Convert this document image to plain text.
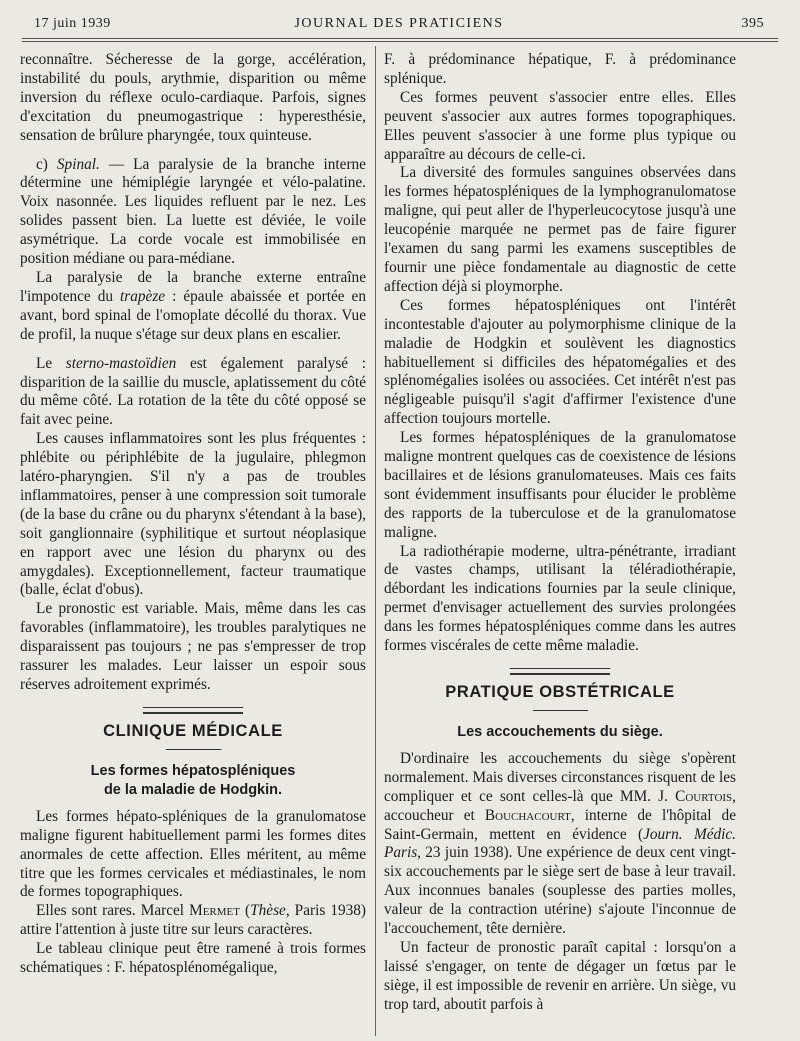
17 juin 1939	JOURNAL DES PRATICIENS	395

reconnaître. Sécheresse de la gorge, accélération, instabilité du pouls, arythmie, disparition ou même inversion du réflexe oculo-cardiaque. Parfois, signes d'excitation du pneumogastrique : hyperesthésie, sensation de brûlure pharyngée, toux quinteuse.

c) Spinal. — La paralysie de la branche interne détermine une hémiplégie laryngée et vélo-palatine. Voix nasonnée. Les liquides refluent par le nez. Les solides passent bien. La luette est déviée, le voile asymétrique. La corde vocale est immobilisée en position médiane ou para-médiane.

La paralysie de la branche externe entraîne l'impotence du trapèze : épaule abaissée et portée en avant, bord spinal de l'omoplate décollé du thorax. Vue de profil, la nuque s'étage sur deux plans en escalier.

Le sterno-mastoïdien est également paralysé : disparition de la saillie du muscle, aplatissement du côté du même côté. La rotation de la tête du côté opposé se fait avec peine.

Les causes inflammatoires sont les plus fréquentes : phlébite ou périphlébite de la jugulaire, phlegmon latéro-pharyngien. S'il n'y a pas de troubles inflammatoires, penser à une compression soit tumorale (de la base du crâne ou du pharynx s'étendant à la base), soit ganglionnaire (syphilitique et surtout néoplasique en rapport avec une lésion du pharynx ou des amygdales). Exceptionnellement, facteur traumatique (balle, éclat d'obus).

Le pronostic est variable. Mais, même dans les cas favorables (inflammatoire), les troubles paralytiques ne disparaissent pas toujours ; ne pas s'empresser de trop rassurer les malades. Leur laisser un espoir sous réserves adroitement exprimés.

CLINIQUE MÉDICALE
Les formes hépatospléniques
de la maladie de Hodgkin.

Les formes hépato-spléniques de la granulomatose maligne figurent habituellement parmi les formes dites anormales de cette affection. Elles méritent, au même titre que les formes cervicales et médiastinales, le nom de formes topographiques.

Elles sont rares. Marcel Mermet (Thèse, Paris 1938) attire l'attention à juste titre sur leurs caractères.

Le tableau clinique peut être ramené à trois formes schématiques : F. hépatosplénomégalique,

F. à prédominance hépatique, F. à prédominance splénique.

Ces formes peuvent s'associer entre elles. Elles peuvent s'associer aux autres formes topographiques. Elles peuvent s'associer à une forme plus typique ou apparaître au décours de celle-ci.

La diversité des formules sanguines observées dans les formes hépatospléniques de la lymphogranulomatose maligne, qui peut aller de l'hyperleucocytose jusqu'à une leucopénie marquée ne permet pas de faire figurer l'examen du sang parmi les examens susceptibles de fournir une pièce fondamentale au diagnostic de cette affection déjà si ploymorphe.

Ces formes hépatospléniques ont l'intérêt incontestable d'ajouter au polymorphisme clinique de la maladie de Hodgkin et soulèvent les diagnostics habituellement si difficiles des hépatomégalies et des splénomégalies isolées ou associées. Cet intérêt n'est pas négligeable puisqu'il s'agit d'affirmer l'existence d'une affection toujours mortelle.

Les formes hépatospléniques de la granulomatose maligne montrent quelques cas de coexistence de lésions bacillaires et de lésions granulomateuses. Mais ces faits sont évidemment insuffisants pour élucider le problème des rapports de la tuberculose et de la granulomatose maligne.

La radiothérapie moderne, ultra-pénétrante, irradiant de vastes champs, utilisant la téléradiothérapie, débordant les indications fournies par la seule clinique, permet d'envisager actuellement des survies prolongées dans les formes hépatospléniques comme dans les autres formes viscérales de cette même maladie.

PRATIQUE OBSTÉTRICALE
Les accouchements du siège.

D'ordinaire les accouchements du siège s'opèrent normalement. Mais diverses circonstances risquent de les compliquer et ce sont celles-là que MM. J. Courtois, accoucheur et Bouchacourt, interne de l'hôpital de Saint-Germain, mettent en évidence (Journ. Médic. Paris, 23 juin 1938). Une expérience de deux cent vingt-six accouchements par le siège sert de base à leur travail. Aux inconnues banales (souplesse des parties molles, valeur de la contraction utérine) s'ajoute l'inconnue de l'accouchement, tête dernière.

Un facteur de pronostic paraît capital : lorsqu'on a laissé s'engager, on tente de dégager un fœtus par le siège, il est impossible de revenir en arrière. Un siège, vu trop tard, aboutit parfois à
